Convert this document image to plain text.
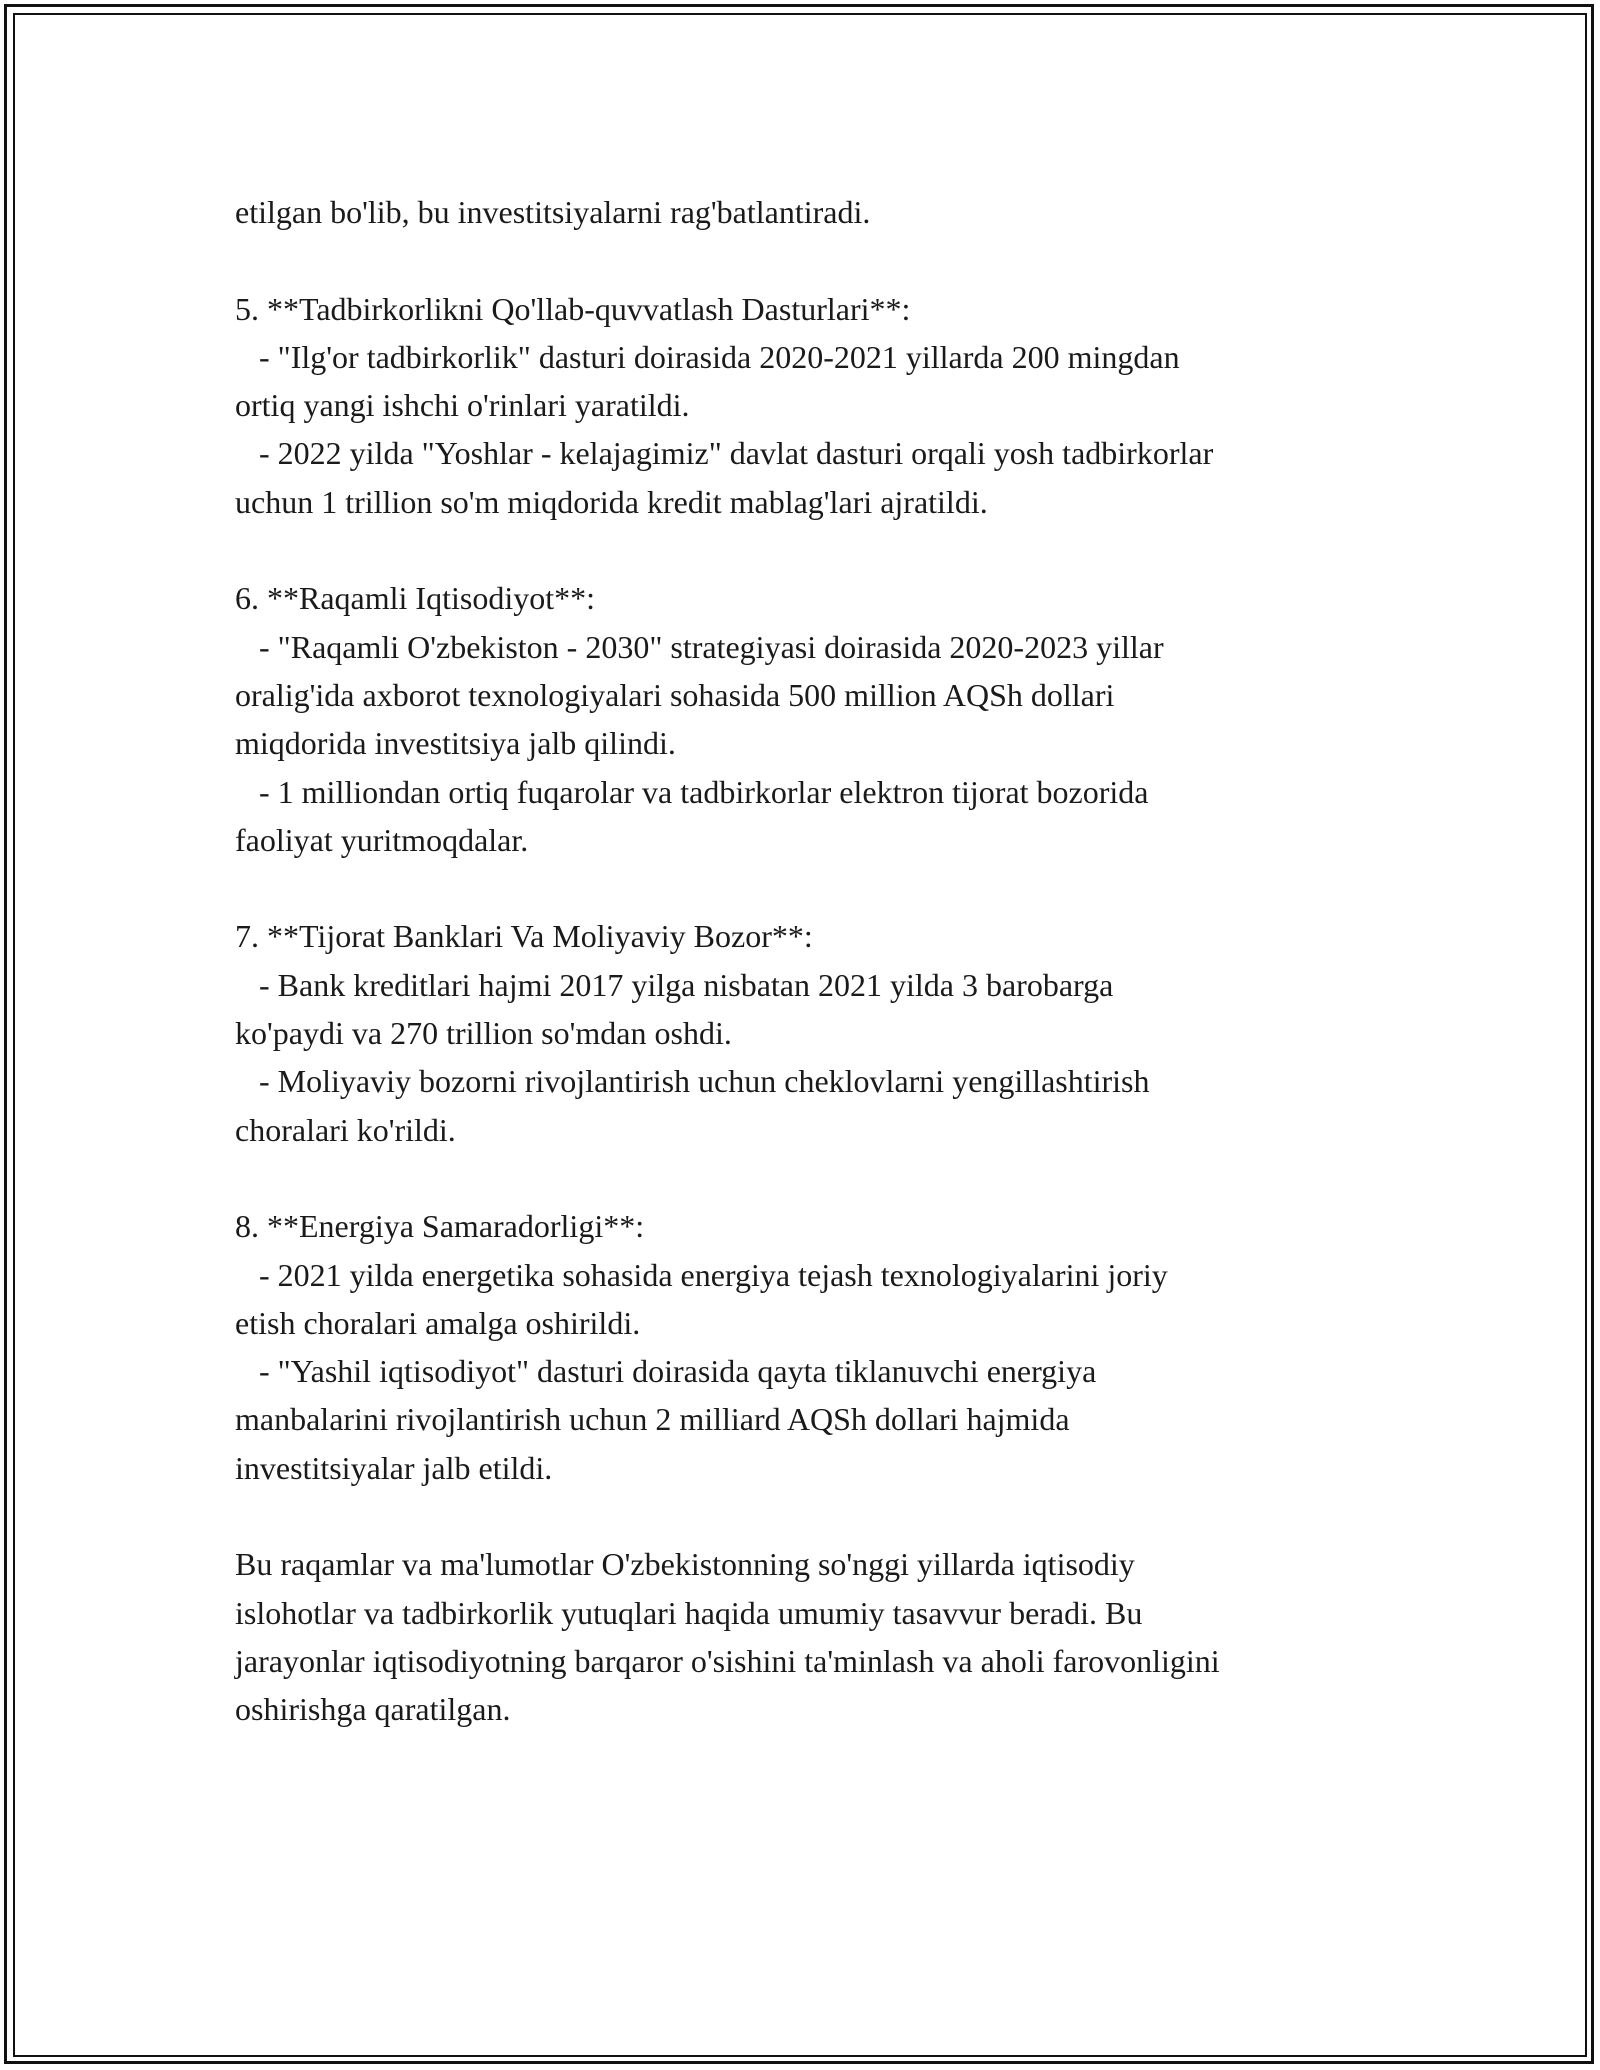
etilgan bo'lib, bu investitsiyalarni rag'batlantiradi.
5. **Tadbirkorlikni Qo'llab-quvvatlash Dasturlari**:
- "Ilg'or tadbirkorlik" dasturi doirasida 2020-2021 yillarda 200 mingdan
ortiq yangi ishchi o'rinlari yaratildi.
- 2022 yilda "Yoshlar - kelajagimiz" davlat dasturi orqali yosh tadbirkorlar
uchun 1 trillion so'm miqdorida kredit mablag'lari ajratildi.
6. **Raqamli Iqtisodiyot**:
- "Raqamli O'zbekiston - 2030" strategiyasi doirasida 2020-2023 yillar
oralig'ida axborot texnologiyalari sohasida 500 million AQSh dollari
miqdorida investitsiya jalb qilindi.
- 1 milliondan ortiq fuqarolar va tadbirkorlar elektron tijorat bozorida
faoliyat yuritmoqdalar.
7. **Tijorat Banklari Va Moliyaviy Bozor**:
- Bank kreditlari hajmi 2017 yilga nisbatan 2021 yilda 3 barobarga
ko'paydi va 270 trillion so'mdan oshdi.
- Moliyaviy bozorni rivojlantirish uchun cheklovlarni yengillashtirish
choralari ko'rildi.
8. **Energiya Samaradorligi**:
- 2021 yilda energetika sohasida energiya tejash texnologiyalarini joriy
etish choralari amalga oshirildi.
- "Yashil iqtisodiyot" dasturi doirasida qayta tiklanuvchi energiya
manbalarini rivojlantirish uchun 2 milliard AQSh dollari hajmida
investitsiyalar jalb etildi.
Bu raqamlar va ma'lumotlar O'zbekistonning so'nggi yillarda iqtisodiy
islohotlar va tadbirkorlik yutuqlari haqida umumiy tasavvur beradi. Bu
jarayonlar iqtisodiyotning barqaror o'sishini ta'minlash va aholi farovonligini
oshirishga qaratilgan.
